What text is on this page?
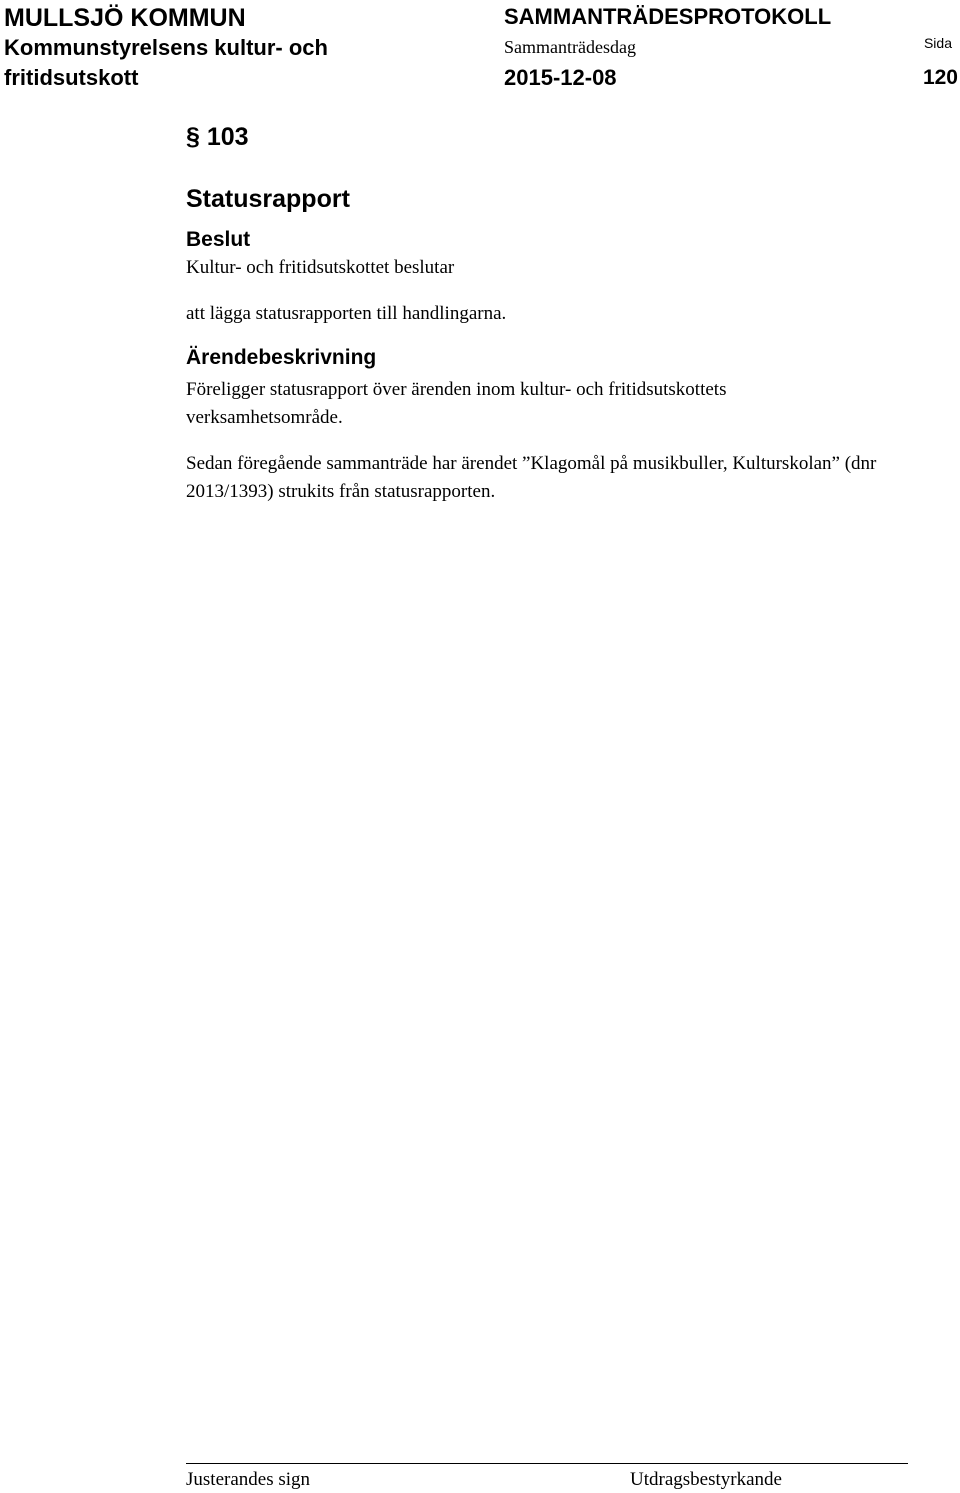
MULLSJÖ KOMMUN
Kommunstyrelsens kultur- och
fritidsutskott
SAMMANTRÄDESPROTOKOLL
Sammanträdesdag
2015-12-08
Sida
120
§ 103
Statusrapport
Beslut
Kultur- och fritidsutskottet beslutar
att lägga statusrapporten till handlingarna.
Ärendebeskrivning
Föreligger statusrapport över ärenden inom kultur- och fritidsutskottets verksamhetsområde.
Sedan föregående sammanträde har ärendet ”Klagomål på musikbuller, Kulturskolan” (dnr 2013/1393) strukits från statusrapporten.
Justerandes sign	Utdragsbestyrkande
